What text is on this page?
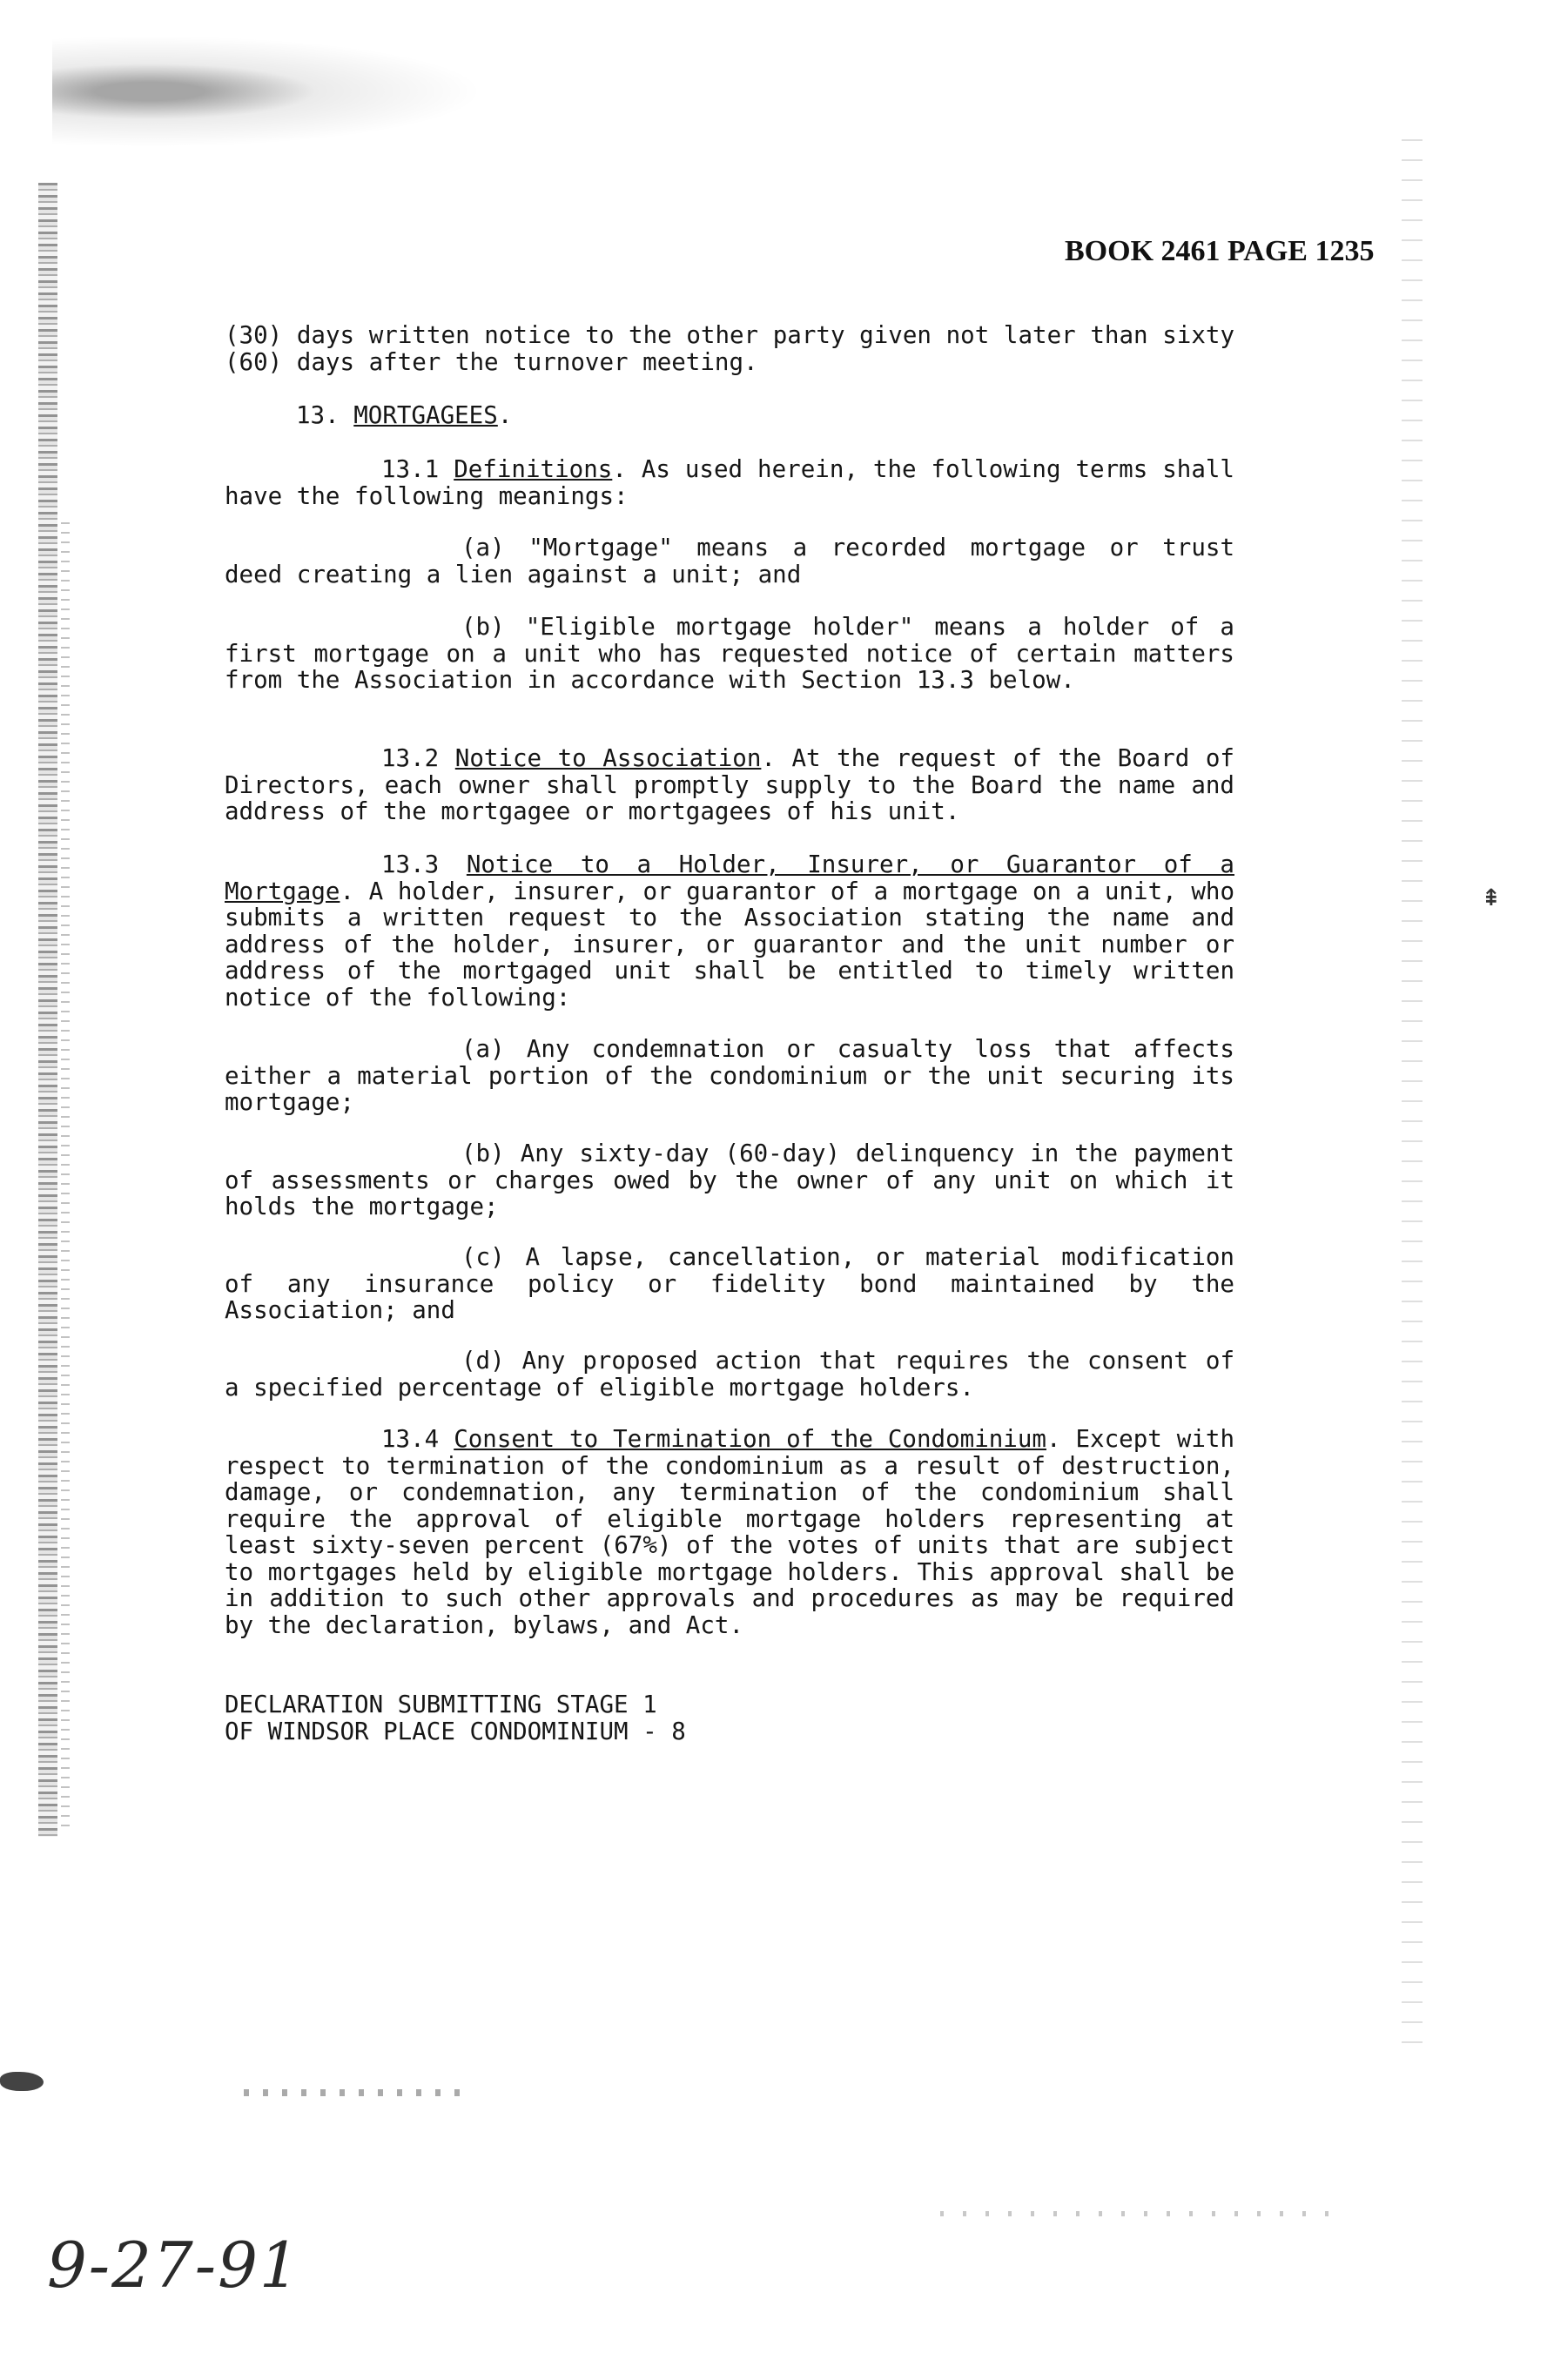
⇞
BOOK 2461 PAGE 1235

(30) days written notice to the other party given not later than sixty (60) days after the turnover meeting.

13. MORTGAGEES.

13.1 Definitions. As used herein, the following terms shall have the following meanings:

(a) "Mortgage" means a recorded mortgage or trust deed creating a lien against a unit; and

(b) "Eligible mortgage holder" means a holder of a first mortgage on a unit who has requested notice of certain matters from the Association in accordance with Section 13.3 below.

13.2 Notice to Association. At the request of the Board of Directors, each owner shall promptly supply to the Board the name and address of the mortgagee or mortgagees of his unit.

13.3 Notice to a Holder, Insurer, or Guarantor of a Mortgage. A holder, insurer, or guarantor of a mortgage on a unit, who submits a written request to the Association stating the name and address of the holder, insurer, or guarantor and the unit number or address of the mortgaged unit shall be entitled to timely written notice of the following:

(a) Any condemnation or casualty loss that affects either a material portion of the condominium or the unit securing its mortgage;

(b) Any sixty-day (60-day) delinquency in the payment of assessments or charges owed by the owner of any unit on which it holds the mortgage;

(c) A lapse, cancellation, or material modification of any insurance policy or fidelity bond maintained by the Association; and

(d) Any proposed action that requires the consent of a specified percentage of eligible mortgage holders.

13.4 Consent to Termination of the Condominium. Except with respect to termination of the condominium as a result of destruction, damage, or condemnation, any termination of the condominium shall require the approval of eligible mortgage holders representing at least sixty-seven percent (67%) of the votes of units that are subject to mortgages held by eligible mortgage holders. This approval shall be in addition to such other approvals and procedures as may be required by the declaration, bylaws, and Act.

DECLARATION SUBMITTING STAGE 1
OF WINDSOR PLACE CONDOMINIUM - 8
9-27-91
